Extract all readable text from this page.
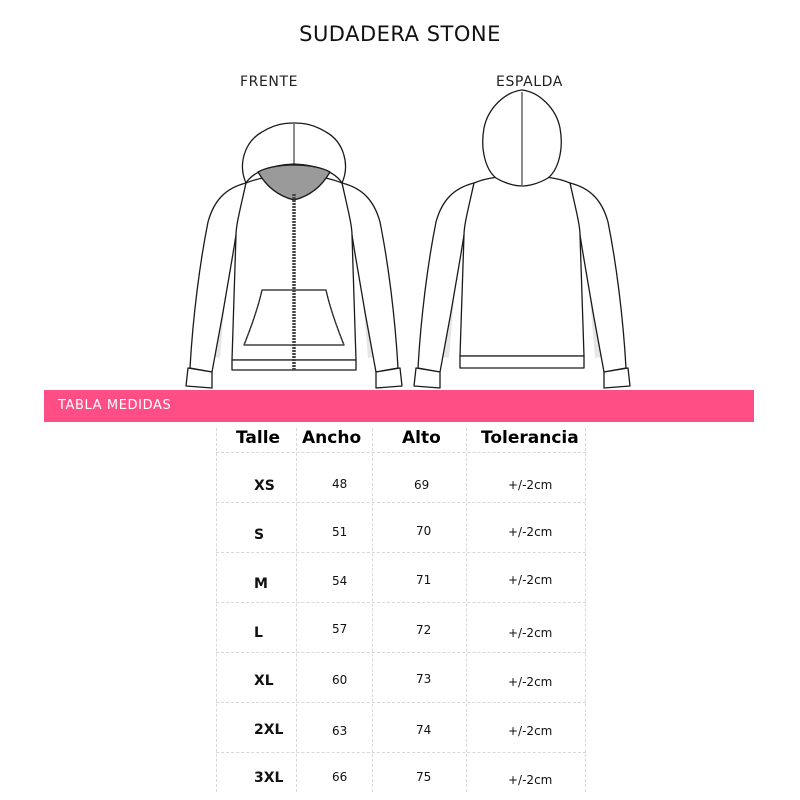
SUDADERA STONE
FRENTE	ESPALDA
TABLA MEDIDAS
Talle Ancho Alto Tolerancia
XS	48	69	+/-2cm
S	51	70	+/-2cm
M	54	71	+/-2cm
L	57	72	+/-2cm
XL	60	73	+/-2cm
2XL	63	74	+/-2cm
3XL	66	75	+/-2cm
